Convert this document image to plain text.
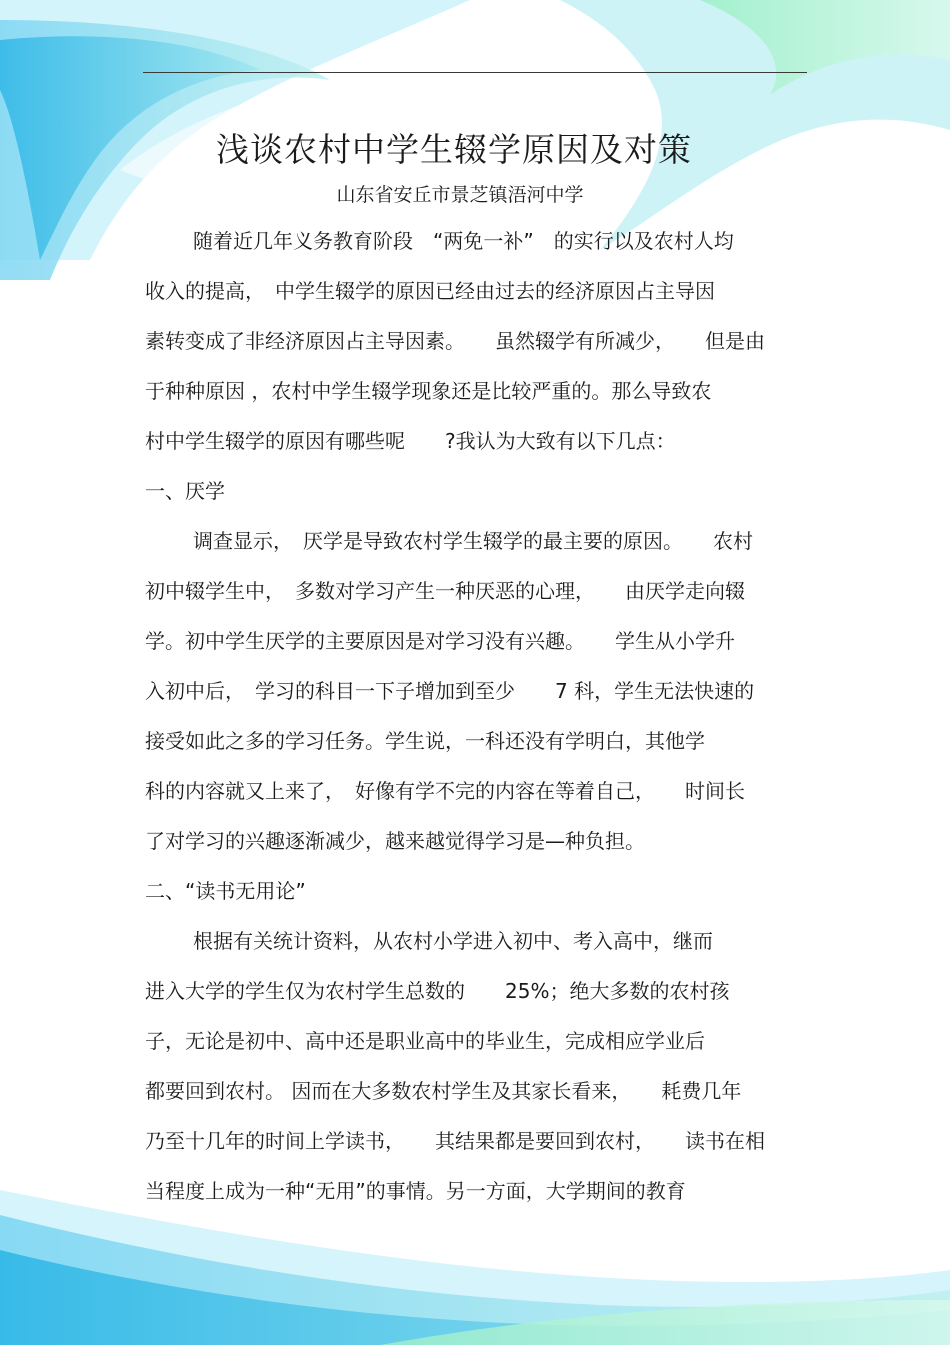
浅谈农村中学生辍学原因及对策
山东省安丘市景芝镇浯河中学
随着近几年义务教育阶段　“两免一补”　的实行以及农村人均
收入的提高，　中学生辍学的原因已经由过去的经济原因占主导因
素转变成了非经济原因占主导因素。　　虽然辍学有所减少，　　但是由
于种种原因 ，农村中学生辍学现象还是比较严重的。那么导致农
村中学生辍学的原因有哪些呢　　?我认为大致有以下几点：
一、厌学
调查显示，　厌学是导致农村学生辍学的最主要的原因。　　农村
初中辍学生中，　多数对学习产生一种厌恶的心理，　　由厌学走向辍
学。初中学生厌学的主要原因是对学习没有兴趣。　　学生从小学升
入初中后，　学习的科目一下子增加到至少　　7 科，学生无法快速的
接受如此之多的学习任务。学生说，一科还没有学明白，其他学
科的内容就又上来了，　好像有学不完的内容在等着自己，　　时间长
了对学习的兴趣逐渐减少，越来越觉得学习是—种负担。
二、“读书无用论”
根据有关统计资料，从农村小学进入初中、考入高中，继而
进入大学的学生仅为农村学生总数的　　25%；绝大多数的农村孩
子，无论是初中、高中还是职业高中的毕业生，完成相应学业后
都要回到农村。 因而在大多数农村学生及其家长看来，　　耗费几年
乃至十几年的时间上学读书，　　其结果都是要回到农村，　　读书在相
当程度上成为一种“无用”的事情。另一方面，大学期间的教育
